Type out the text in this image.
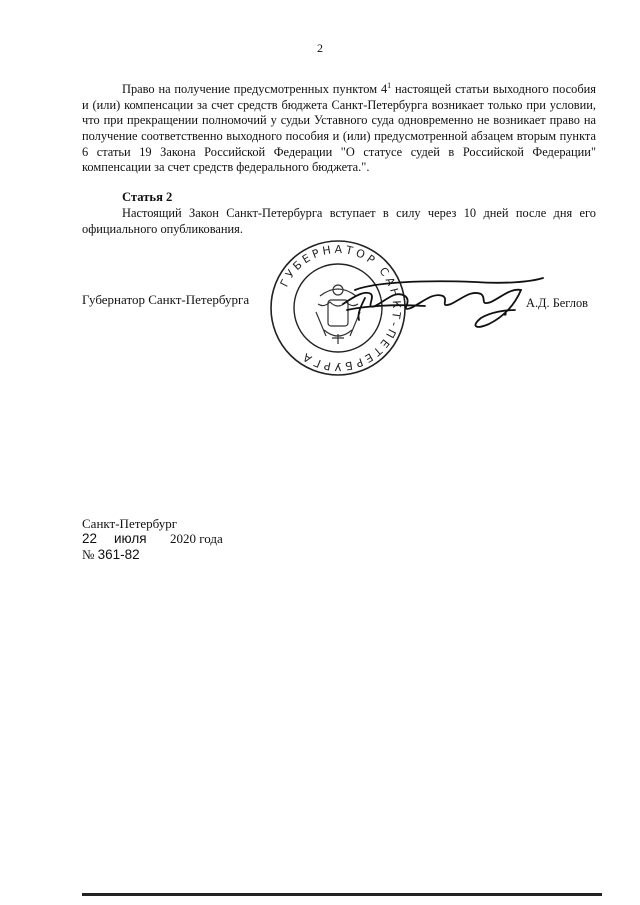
2

Право на получение предусмотренных пунктом $4^1$ настоящей статьи выходного пособия и (или) компенсации за счет средств бюджета Санкт-Петербурга возникает только при условии, что при прекращении полномочий у судьи Уставного суда одновременно не возникает право на получение соответственно выходного пособия и (или) предусмотренной абзацем вторым пункта 6 статьи 19 Закона Российской Федерации "О статусе судей в Российской Федерации" компенсации за счет средств федерального бюджета.".

Статья 2

Настоящий Закон Санкт-Петербурга вступает в силу через 10 дней после дня его официального опубликования.

Губернатор Санкт-Петербурга
ГУБЕРНАТОР САНКТ-ПЕТЕРБУРГА
А.Д. Беглов
Санкт-Петербург
22 июля 2020 года
№ 361-82
